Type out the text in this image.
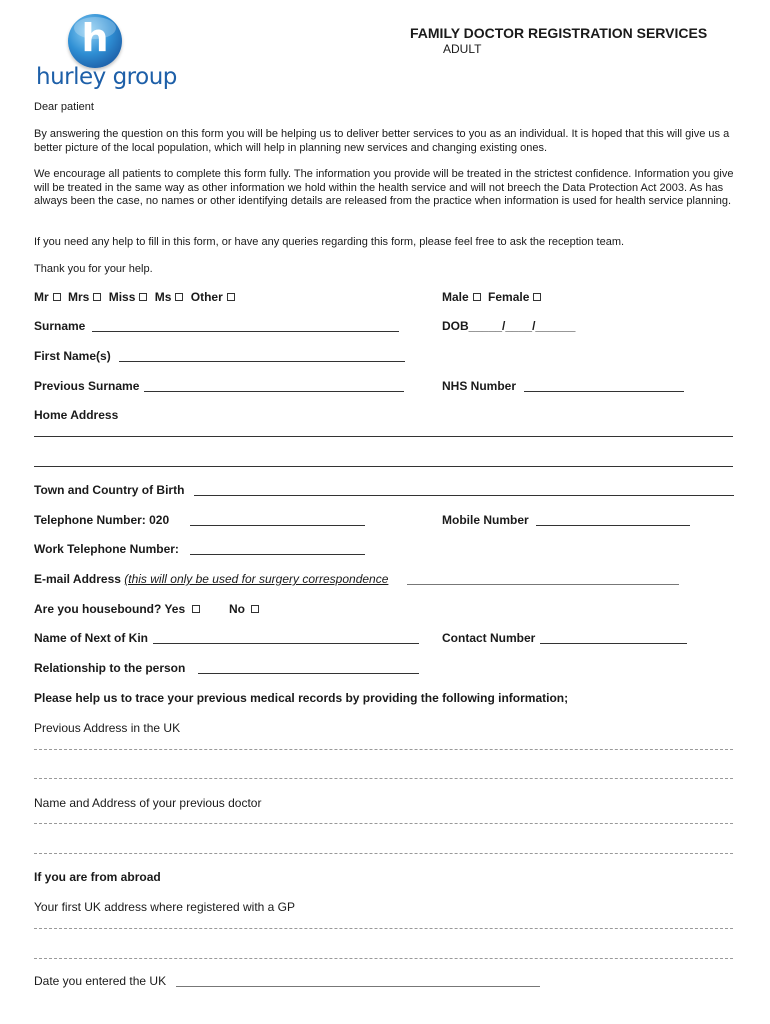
h
hurley group
FAMILY DOCTOR REGISTRATION SERVICES
ADULT
Dear patient
By answering the question on this form you will be helping us to deliver better services to you as an individual. It is hoped that this will give us a better picture of the local population, which will help in planning new services and changing existing ones.
We encourage all patients to complete this form fully. The information you provide will be treated in the strictest confidence. Information you give will be treated in the same way as other information we hold within the health service and will not breech the Data Protection Act 2003. As has always been the case, no names or other identifying details are released from the practice when information is used for health service planning.
If you need any help to fill in this form, or have any queries regarding this form, please feel free to ask the reception team.
Thank you for your help.
Mr Mrs Miss Ms Other	Male Female
Surname	DOB_____/____/______
First Name(s)
Previous Surname	NHS Number
Home Address
Town and Country of Birth
Telephone Number: 020	Mobile Number
Work Telephone Number:
E-mail Address (this will only be used for surgery correspondence
Are you housebound? Yes	No
Name of Next of Kin	Contact Number
Relationship to the person
Please help us to trace your previous medical records by providing the following information;
Previous Address in the UK
Name and Address of your previous doctor
If you are from abroad
Your first UK address where registered with a GP
Date you entered the UK
